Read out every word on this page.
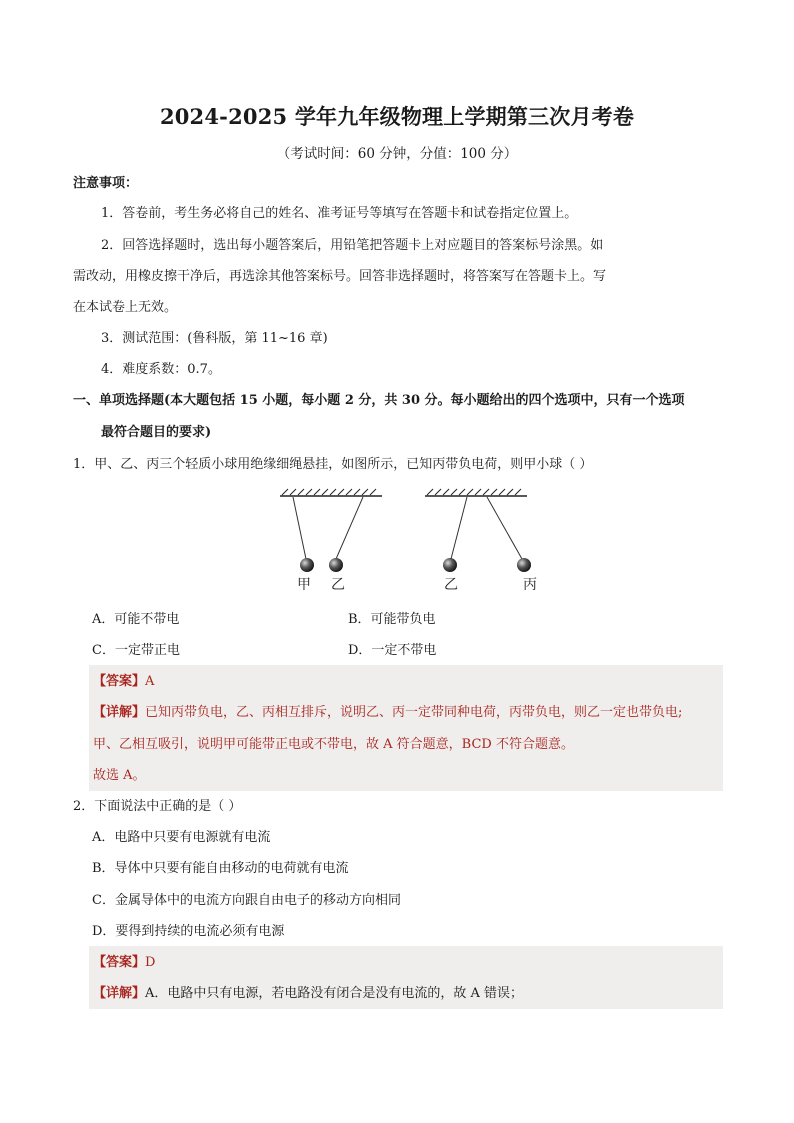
2024-2025 学年九年级物理上学期第三次月考卷
（考试时间：60 分钟，分值：100 分）
注意事项：
1．答卷前，考生务必将自己的姓名、准考证号等填写在答题卡和试卷指定位置上。
2．回答选择题时，选出每小题答案后，用铅笔把答题卡上对应题目的答案标号涂黑。如
需改动，用橡皮擦干净后，再选涂其他答案标号。回答非选择题时，将答案写在答题卡上。写
在本试卷上无效。
3．测试范围：(鲁科版，第 11~16 章)
4．难度系数：0.7。
一、单项选择题(本大题包括 15 小题，每小题 2 分，共 30 分。每小题给出的四个选项中，只有一个选项
最符合题目的要求)
1．甲、乙、丙三个轻质小球用绝缘细绳悬挂，如图所示，已知丙带负电荷，则甲小球（ ）
甲 乙	乙	丙
A．可能不带电	B．可能带负电
C．一定带正电	D．一定不带电
【答案】A
【详解】已知丙带负电，乙、丙相互排斥，说明乙、丙一定带同种电荷，丙带负电，则乙一定也带负电;
甲、乙相互吸引，说明甲可能带正电或不带电，故 A 符合题意，BCD 不符合题意。
故选 A。
2．下面说法中正确的是（ ）
A．电路中只要有电源就有电流
B．导体中只要有能自由移动的电荷就有电流
C．金属导体中的电流方向跟自由电子的移动方向相同
D．要得到持续的电流必须有电源
【答案】D
【详解】A．电路中只有电源，若电路没有闭合是没有电流的，故 A 错误；
